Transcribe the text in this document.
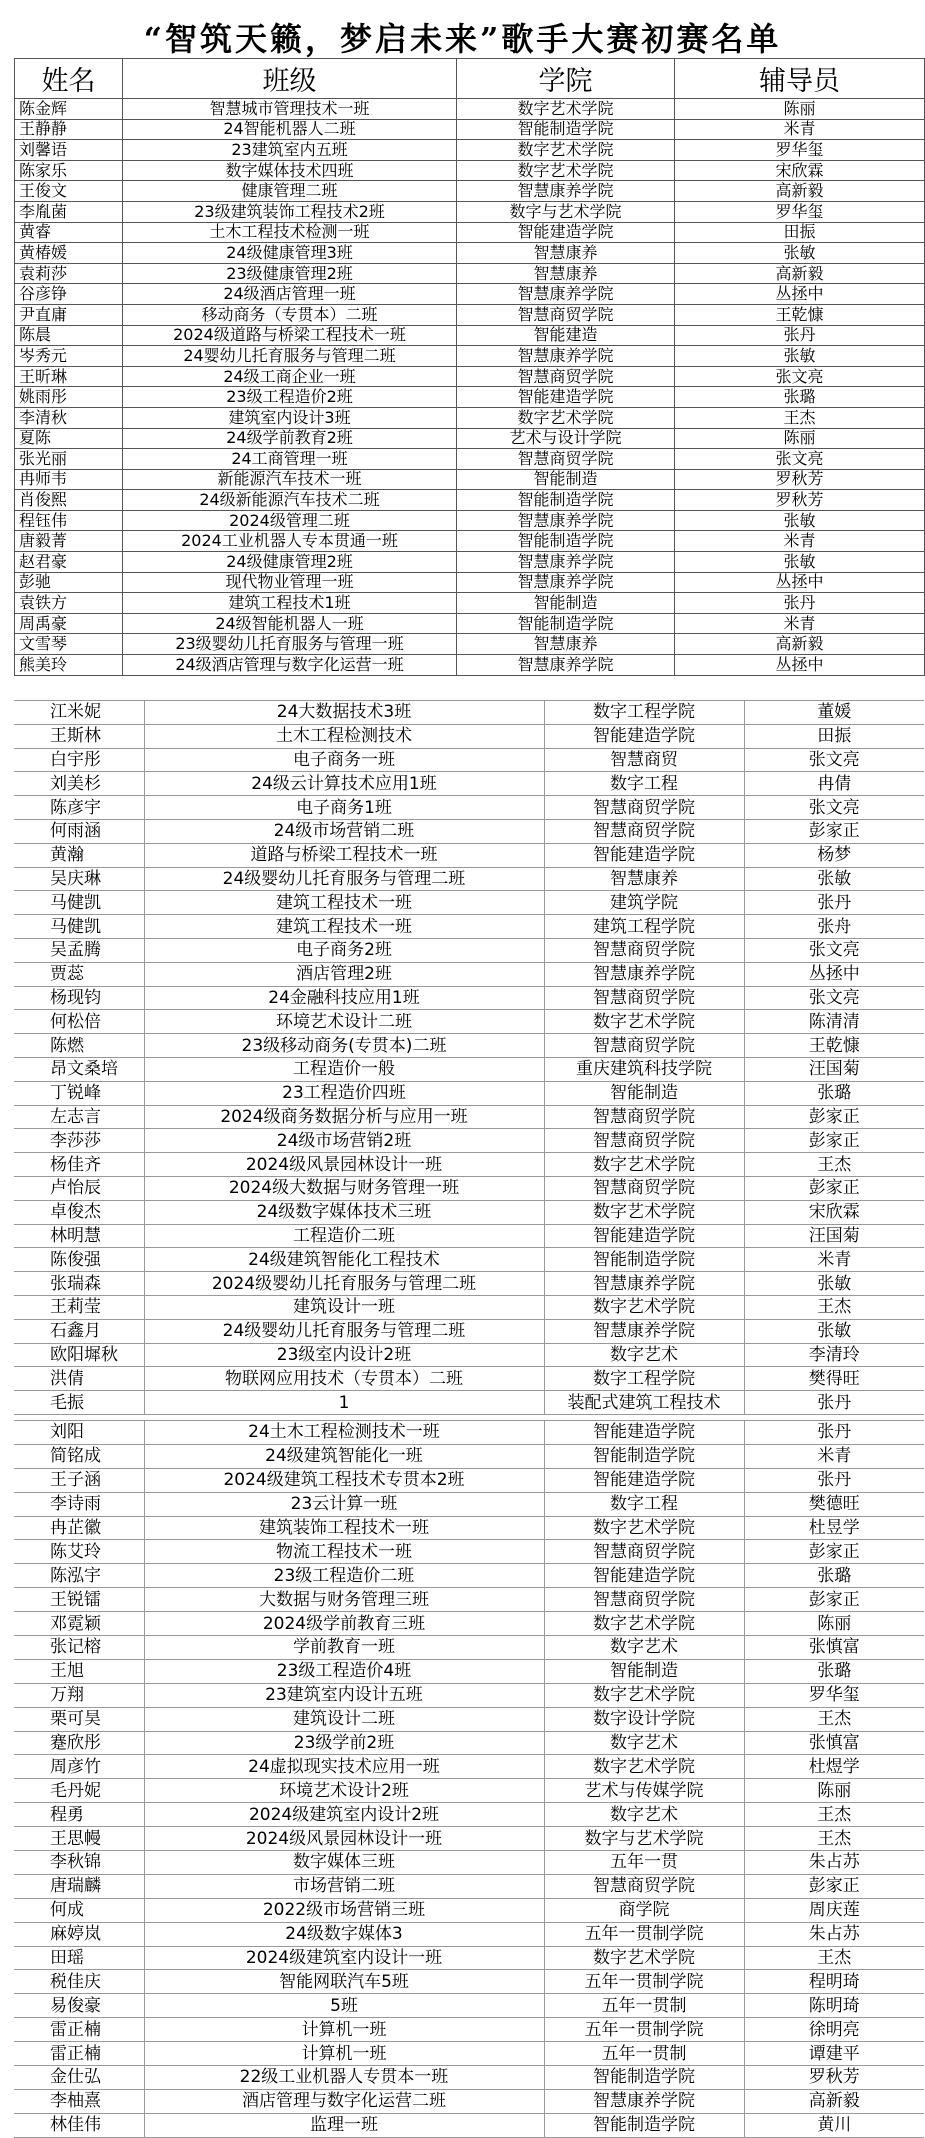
“智筑天籁，梦启未来”歌手大赛初赛名单
姓名	班级	学院	辅导员
陈金辉	智慧城市管理技术一班	数字艺术学院	陈丽
王静静	24智能机器人二班	智能制造学院	米青
刘馨语	23建筑室内五班	数字艺术学院	罗华玺
陈家乐	数字媒体技术四班	数字艺术学院	宋欣霖
王俊文	健康管理二班	智慧康养学院	高新毅
李胤菌	23级建筑装饰工程技术2班	数字与艺术学院	罗华玺
黄睿	土木工程技术检测一班	智能建造学院	田振
黄椿媛	24级健康管理3班	智慧康养	张敏
袁莉莎	23级健康管理2班	智慧康养	高新毅
谷彦铮	24级酒店管理一班	智慧康养学院	丛拯中
尹直庸	移动商务（专贯本）二班	智慧商贸学院	王乾慷
陈晨	2024级道路与桥梁工程技术一班	智能建造	张丹
岑秀元	24婴幼儿托育服务与管理二班	智慧康养学院	张敏
王昕琳	24级工商企业一班	智慧商贸学院	张文亮
姚雨彤	23级工程造价2班	智能建造学院	张璐
李清秋	建筑室内设计3班	数字艺术学院	王杰
夏陈	24级学前教育2班	艺术与设计学院	陈丽
张光丽	24工商管理一班	智慧商贸学院	张文亮
冉师韦	新能源汽车技术一班	智能制造	罗秋芳
肖俊熙	24级新能源汽车技术二班	智能制造学院	罗秋芳
程钰伟	2024级管理二班	智慧康养学院	张敏
唐毅菁	2024工业机器人专本贯通一班	智能制造学院	米青
赵君豪	24级健康管理2班	智慧康养学院	张敏
彭驰	现代物业管理一班	智慧康养学院	丛拯中
袁铁方	建筑工程技术1班	智能制造	张丹
周禹豪	24级智能机器人一班	智能制造学院	米青
文雪琴	23级婴幼儿托育服务与管理一班	智慧康养	高新毅
熊美玲	24级酒店管理与数字化运营一班	智慧康养学院	丛拯中
江米妮	24大数据技术3班	数字工程学院	董媛
王斯林	土木工程检测技术	智能建造学院	田振
白宇彤	电子商务一班	智慧商贸	张文亮
刘美杉	24级云计算技术应用1班	数字工程	冉倩
陈彦宇	电子商务1班	智慧商贸学院	张文亮
何雨涵	24级市场营销二班	智慧商贸学院	彭家正
黄瀚	道路与桥梁工程技术一班	智能建造学院	杨梦
吴庆琳	24级婴幼儿托育服务与管理二班	智慧康养	张敏
马健凯	建筑工程技术一班	建筑学院	张丹
马健凯	建筑工程技术一班	建筑工程学院	张舟
吴孟腾	电子商务2班	智慧商贸学院	张文亮
贾蕊	酒店管理2班	智慧康养学院	丛拯中
杨现钧	24金融科技应用1班	智慧商贸学院	张文亮
何松倍	环境艺术设计二班	数字艺术学院	陈清清
陈燃	23级移动商务(专贯本)二班	智慧商贸学院	王乾慷
昂文桑培	工程造价一般	重庆建筑科技学院	汪国菊
丁锐峰	23工程造价四班	智能制造	张璐
左志言	2024级商务数据分析与应用一班	智慧商贸学院	彭家正
李莎莎	24级市场营销2班	智慧商贸学院	彭家正
杨佳齐	2024级风景园林设计一班	数字艺术学院	王杰
卢怡辰	2024级大数据与财务管理一班	智慧商贸学院	彭家正
卓俊杰	24级数字媒体技术三班	数字艺术学院	宋欣霖
林明慧	工程造价二班	智能建造学院	汪国菊
陈俊强	24级建筑智能化工程技术	智能制造学院	米青
张瑞森	2024级婴幼儿托育服务与管理二班	智慧康养学院	张敏
王莉莹	建筑设计一班	数字艺术学院	王杰
石鑫月	24级婴幼儿托育服务与管理二班	智慧康养学院	张敏
欧阳墀秋	23级室内设计2班	数字艺术	李清玲
洪倩	物联网应用技术（专贯本）二班	数字工程学院	樊得旺
毛振	1	装配式建筑工程技术	张丹
刘阳	24土木工程检测技术一班	智能建造学院	张丹
简铭成	24级建筑智能化一班	智能制造学院	米青
王子涵	2024级建筑工程技术专贯本2班	智能建造学院	张丹
李诗雨	23云计算一班	数字工程	樊德旺
冉芷徽	建筑装饰工程技术一班	数字艺术学院	杜昱学
陈艾玲	物流工程技术一班	智慧商贸学院	彭家正
陈泓宇	23级工程造价二班	智能建造学院	张璐
王锐镭	大数据与财务管理三班	智慧商贸学院	彭家正
邓霓颖	2024级学前教育三班	数字艺术学院	陈丽
张记榕	学前教育一班	数字艺术	张慎富
王旭	23级工程造价4班	智能制造	张璐
万翔	23建筑室内设计五班	数字艺术学院	罗华玺
栗可昊	建筑设计二班	数字设计学院	王杰
蹇欣彤	23级学前2班	数字艺术	张慎富
周彦竹	24虚拟现实技术应用一班	数字艺术学院	杜煜学
毛丹妮	环境艺术设计2班	艺术与传媒学院	陈丽
程勇	2024级建筑室内设计2班	数字艺术	王杰
王思幔	2024级风景园林设计一班	数字与艺术学院	王杰
李秋锦	数字媒体三班	五年一贯	朱占苏
唐瑞麟	市场营销二班	智慧商贸学院	彭家正
何成	2022级市场营销三班	商学院	周庆莲
麻婷岚	24级数字媒体3	五年一贯制学院	朱占苏
田瑶	2024级建筑室内设计一班	数字艺术学院	王杰
税佳庆	智能网联汽车5班	五年一贯制学院	程明琦
易俊豪	5班	五年一贯制	陈明琦
雷正楠	计算机一班	五年一贯制学院	徐明亮
雷正楠	计算机一班	五年一贯制	谭建平
金仕弘	22级工业机器人专贯本一班	智能制造学院	罗秋芳
李柚熹	酒店管理与数字化运营二班	智慧康养学院	高新毅
林佳伟	监理一班	智能制造学院	黄川
